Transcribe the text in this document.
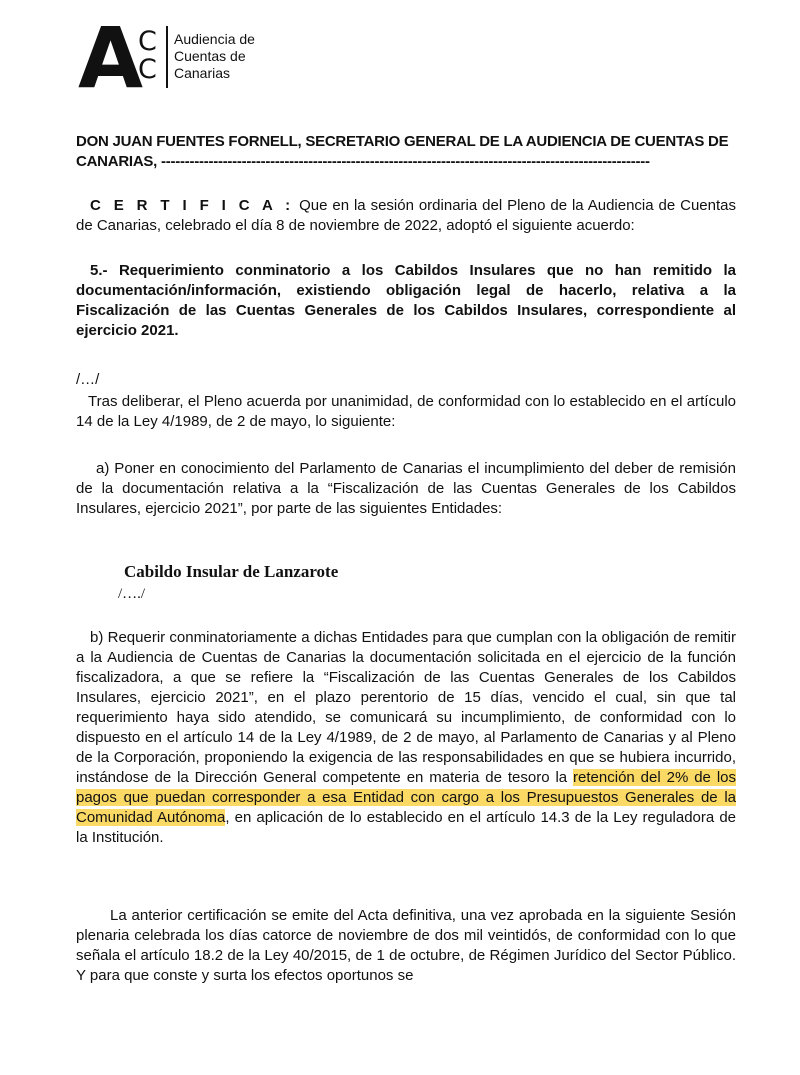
A
C
C
Audiencia de
Cuentas de
Canarias
DON JUAN FUENTES FORNELL, SECRETARIO GENERAL DE LA AUDIENCIA DE CUENTAS DE
CANARIAS, -------------------------------------------------------------------------------------------------------
C E R T I F I C A : Que en la sesión ordinaria del Pleno de la Audiencia de Cuentas de Canarias, celebrado el día 8 de noviembre de 2022, adoptó el siguiente acuerdo:
5.- Requerimiento conminatorio a los Cabildos Insulares que no han remitido la documentación/información, existiendo obligación legal de hacerlo, relativa a la Fiscalización de las Cuentas Generales de los Cabildos Insulares, correspondiente al ejercicio 2021.
/…/
Tras deliberar, el Pleno acuerda por unanimidad, de conformidad con lo establecido en el artículo 14 de la Ley 4/1989, de 2 de mayo, lo siguiente:
a) Poner en conocimiento del Parlamento de Canarias el incumplimiento del deber de remisión de la documentación relativa a la “Fiscalización de las Cuentas Generales de los Cabildos Insulares, ejercicio 2021”, por parte de las siguientes Entidades:
Cabildo Insular de Lanzarote
/…./
b) Requerir conminatoriamente a dichas Entidades para que cumplan con la obligación de remitir a la Audiencia de Cuentas de Canarias la documentación solicitada en el ejercicio de la función fiscalizadora, a que se refiere la “Fiscalización de las Cuentas Generales de los Cabildos Insulares, ejercicio 2021”, en el plazo perentorio de 15 días, vencido el cual, sin que tal requerimiento haya sido atendido, se comunicará su incumplimiento, de conformidad con lo dispuesto en el artículo 14 de la Ley 4/1989, de 2 de mayo, al Parlamento de Canarias y al Pleno de la Corporación, proponiendo la exigencia de las responsabilidades en que se hubiera incurrido, instándose de la Dirección General competente en materia de tesoro la retención del 2% de los pagos que puedan corresponder a esa Entidad con cargo a los Presupuestos Generales de la Comunidad Autónoma, en aplicación de lo establecido en el artículo 14.3 de la Ley reguladora de la Institución.
La anterior certificación se emite del Acta definitiva, una vez aprobada en la siguiente Sesión plenaria celebrada los días catorce de noviembre de dos mil veintidós, de conformidad con lo que señala el artículo 18.2 de la Ley 40/2015, de 1 de octubre, de Régimen Jurídico del Sector Público. Y para que conste y surta los efectos oportunos se
